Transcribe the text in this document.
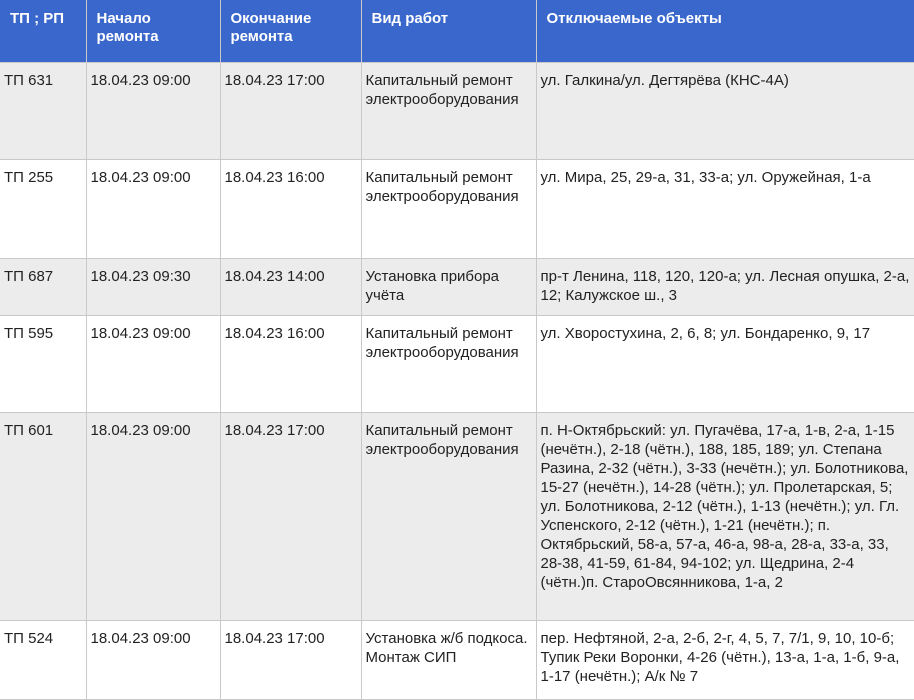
ТП ; РП	Начало ремонта	Окончание ремонта	Вид работ	Отключаемые объекты
ТП 631	18.04.23 09:00	18.04.23 17:00	Капитальный ремонт электрооборудования	ул. Галкина/ул. Дегтярёва (КНС-4А)
ТП 255	18.04.23 09:00	18.04.23 16:00	Капитальный ремонт электрооборудования	ул. Мира, 25, 29-а, 31, 33-а; ул. Оружейная, 1-а
ТП 687	18.04.23 09:30	18.04.23 14:00	Установка прибора учёта	пр-т Ленина, 118, 120, 120-а; ул. Лесная опушка, 2-а, 12; Калужское ш., 3
ТП 595	18.04.23 09:00	18.04.23 16:00	Капитальный ремонт электрооборудования	ул. Хворостухина, 2, 6, 8; ул. Бондаренко, 9, 17
ТП 601	18.04.23 09:00	18.04.23 17:00	Капитальный ремонт электрооборудования	п. Н-Октябрьский: ул. Пугачёва, 17-а, 1-в, 2-а, 1-15 (нечётн.), 2-18 (чётн.), 188, 185, 189; ул. Степана Разина, 2-32 (чётн.), 3-33 (нечётн.); ул. Болотникова, 15-27 (нечётн.), 14-28 (чётн.); ул. Пролетарская, 5; ул. Болотникова, 2-12 (чётн.), 1-13 (нечётн.); ул. Гл. Успенского, 2-12 (чётн.), 1-21 (нечётн.); п. Октябрьский, 58-а, 57-а, 46-а, 98-а, 28-а, 33-а, 33, 28-38, 41-59, 61-84, 94-102; ул. Щедрина, 2-4 (чётн.)п. СтароОвсянникова, 1-а, 2
ТП 524	18.04.23 09:00	18.04.23 17:00	Установка ж/б подкоса. Монтаж СИП	пер. Нефтяной, 2-а, 2-б, 2-г, 4, 5, 7, 7/1, 9, 10, 10-б; Тупик Реки Воронки, 4-26 (чётн.), 13-а, 1-а, 1-б, 9-а, 1-17 (нечётн.); А/к № 7
